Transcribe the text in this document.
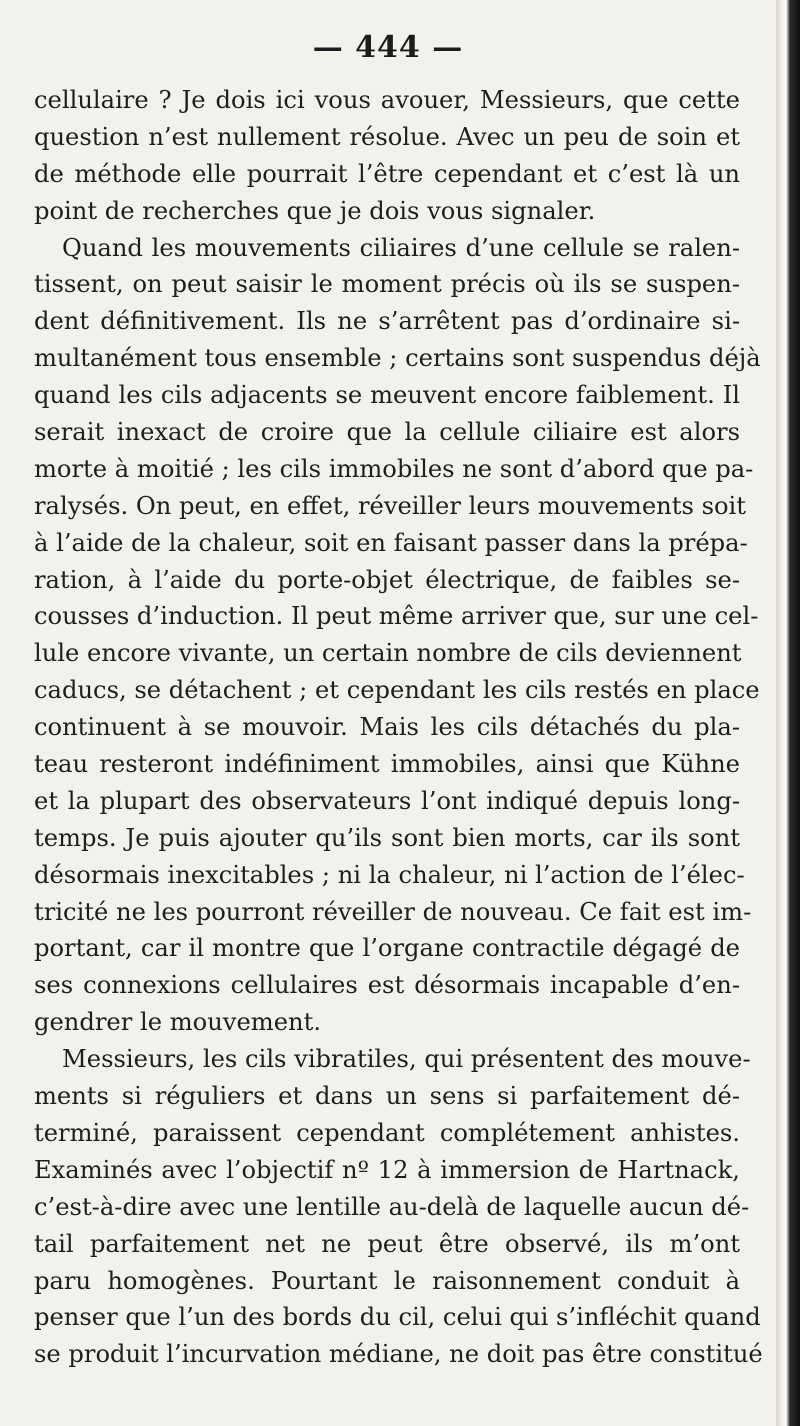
— 444 —
cellulaire ? Je dois ici vous avouer, Messieurs, que cette
question n’est nullement résolue. Avec un peu de soin et
de méthode elle pourrait l’être cependant et c’est là un
point de recherches que je dois vous signaler.
Quand les mouvements ciliaires d’une cellule se ralen-
tissent, on peut saisir le moment précis où ils se suspen-
dent définitivement. Ils ne s’arrêtent pas d’ordinaire si-
multanément tous ensemble ; certains sont suspendus déjà
quand les cils adjacents se meuvent encore faiblement. Il
serait inexact de croire que la cellule ciliaire est alors
morte à moitié ; les cils immobiles ne sont d’abord que pa-
ralysés. On peut, en effet, réveiller leurs mouvements soit
à l’aide de la chaleur, soit en faisant passer dans la prépa-
ration, à l’aide du porte-objet électrique, de faibles se-
cousses d’induction. Il peut même arriver que, sur une cel-
lule encore vivante, un certain nombre de cils deviennent
caducs, se détachent ; et cependant les cils restés en place
continuent à se mouvoir. Mais les cils détachés du pla-
teau resteront indéfiniment immobiles, ainsi que Kühne
et la plupart des observateurs l’ont indiqué depuis long-
temps. Je puis ajouter qu’ils sont bien morts, car ils sont
désormais inexcitables ; ni la chaleur, ni l’action de l’élec-
tricité ne les pourront réveiller de nouveau. Ce fait est im-
portant, car il montre que l’organe contractile dégagé de
ses connexions cellulaires est désormais incapable d’en-
gendrer le mouvement.
Messieurs, les cils vibratiles, qui présentent des mouve-
ments si réguliers et dans un sens si parfaitement dé-
terminé, paraissent cependant complétement anhistes.
Examinés avec l’objectif nº 12 à immersion de Hartnack,
c’est-à-dire avec une lentille au-delà de laquelle aucun dé-
tail parfaitement net ne peut être observé, ils m’ont
paru homogènes. Pourtant le raisonnement conduit à
penser que l’un des bords du cil, celui qui s’infléchit quand
se produit l’incurvation médiane, ne doit pas être constitué
